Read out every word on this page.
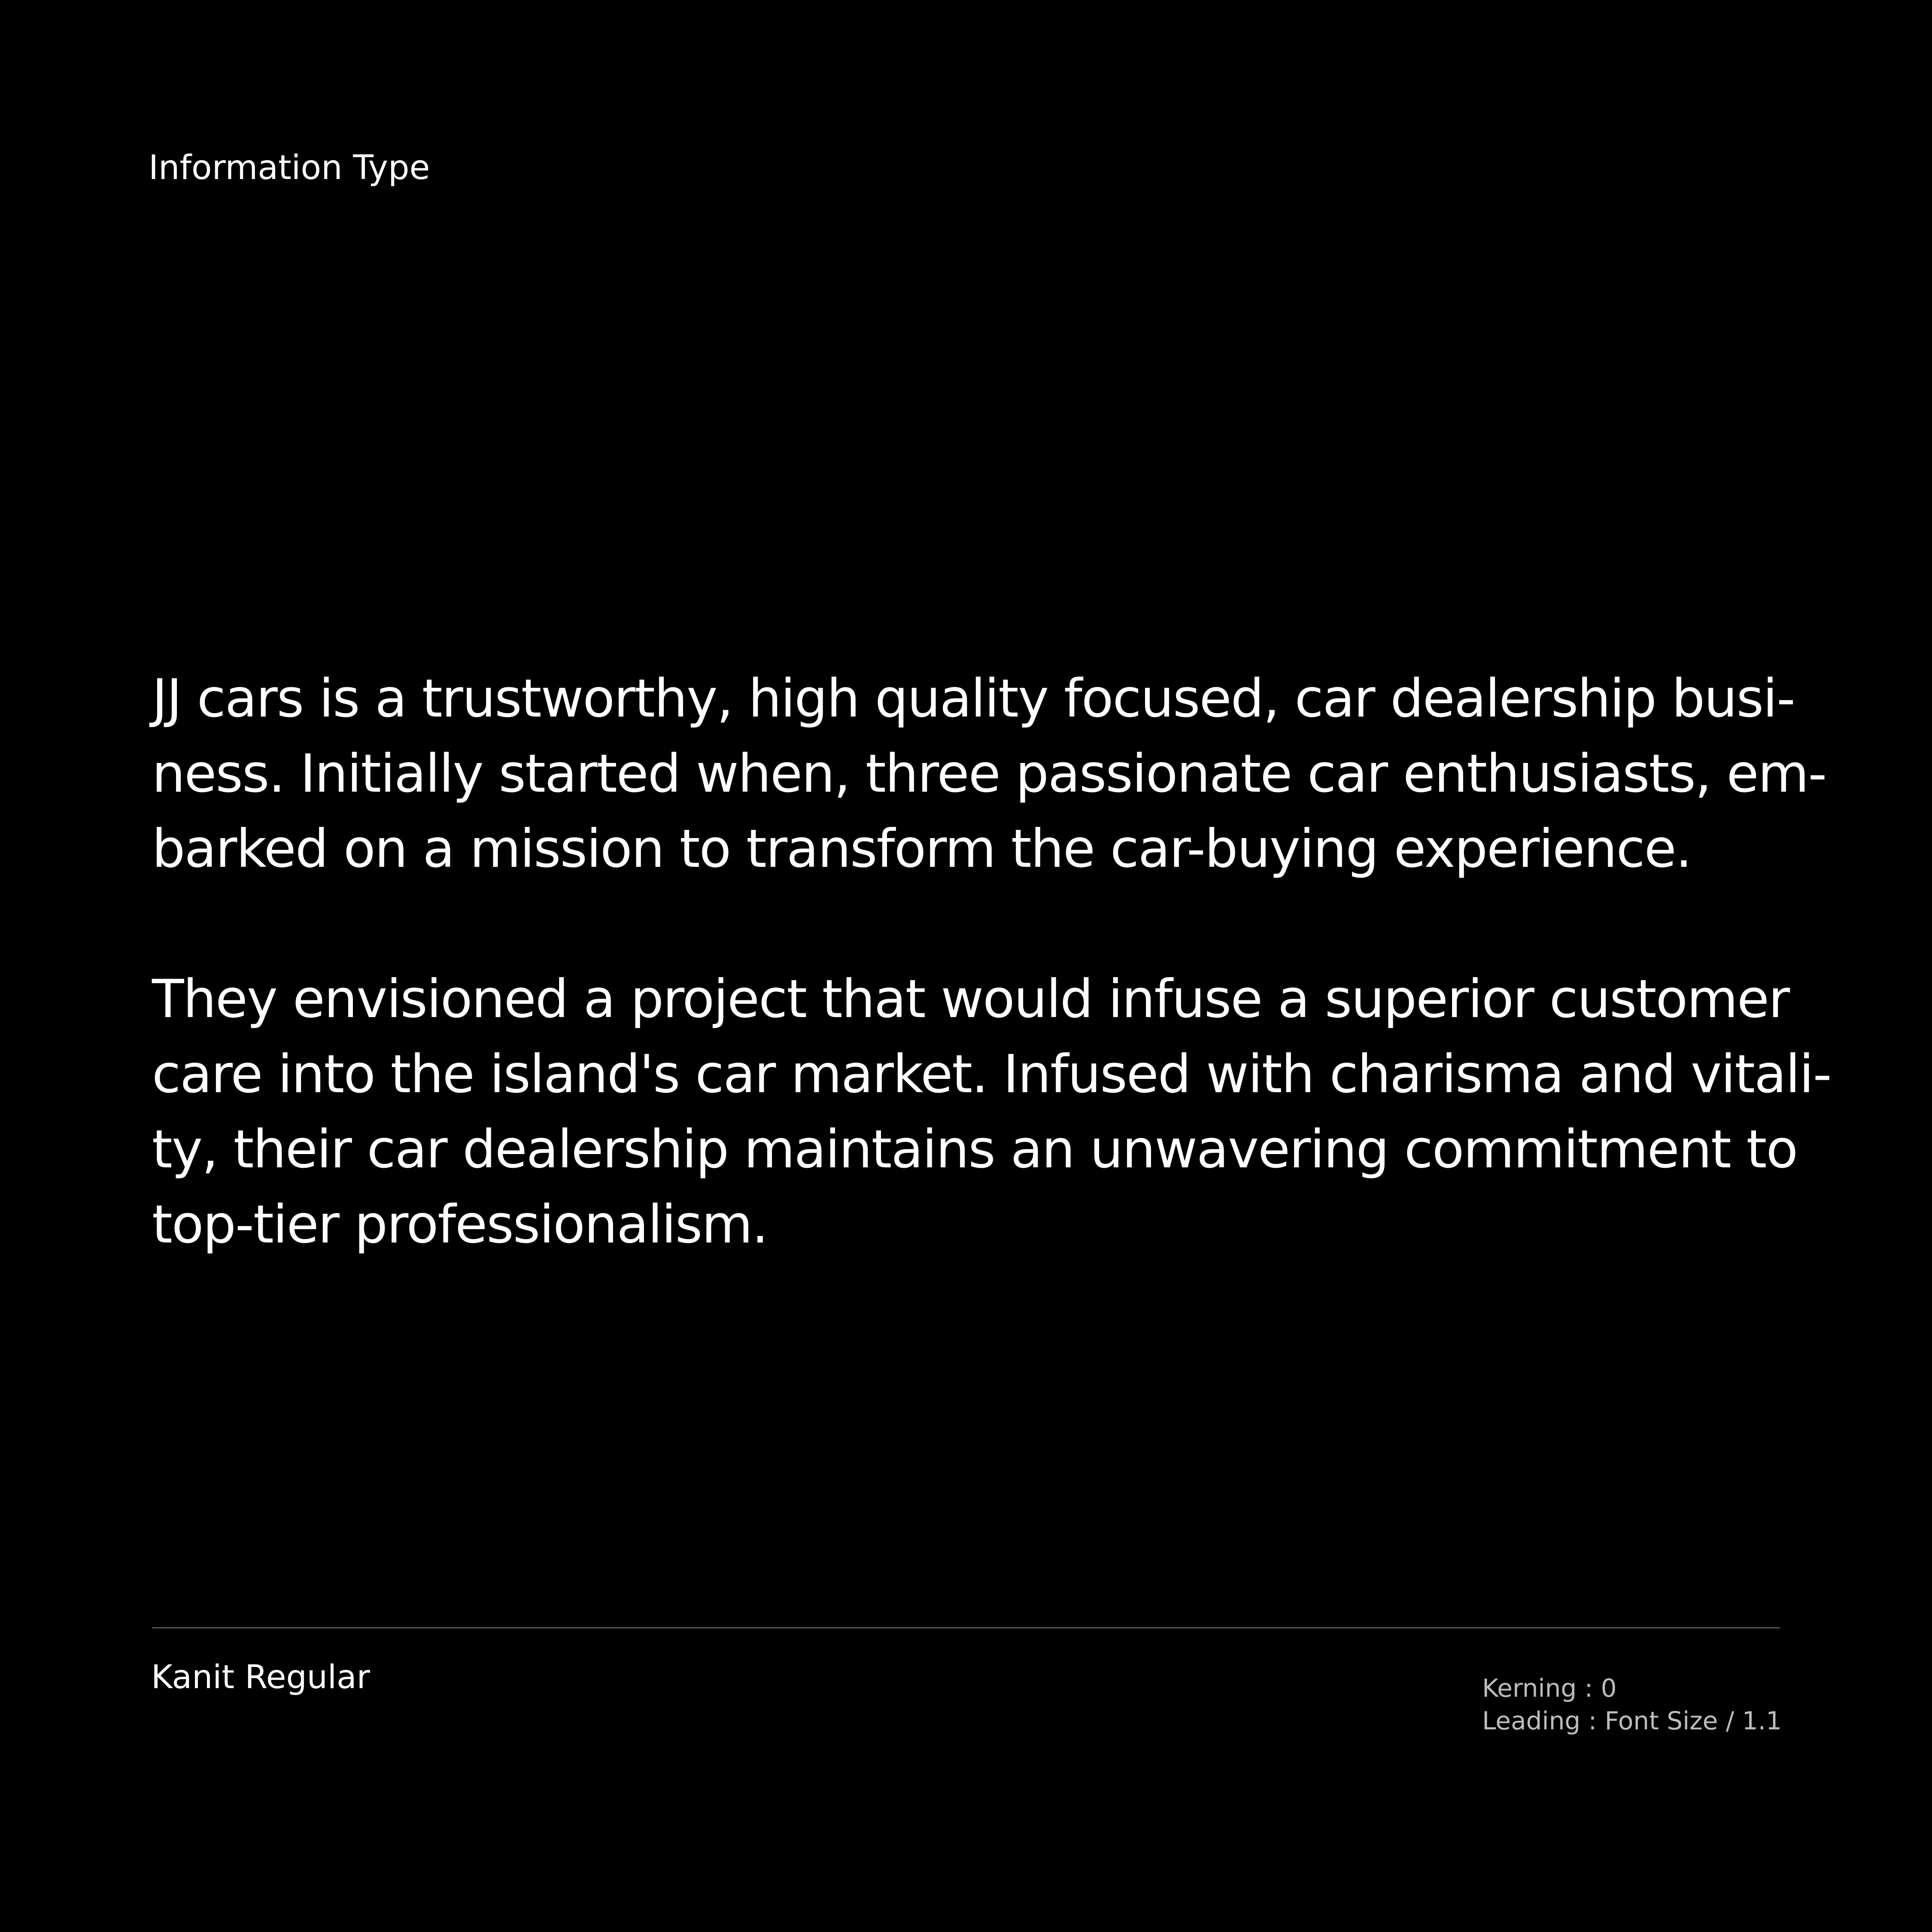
Information Type

JJ cars is a trustworthy, high quality focused, car dealership busi-
ness. Initially started when, three passionate car enthusiasts, em-
barked on a mission to transform the car-buying experience.

They envisioned a project that would infuse a superior customer
care into the island's car market. Infused with charisma and vitali-
ty, their car dealership maintains an unwavering commitment to
top-tier professionalism.

Kanit Regular	Kerning : 0
Leading : Font Size / 1.1
